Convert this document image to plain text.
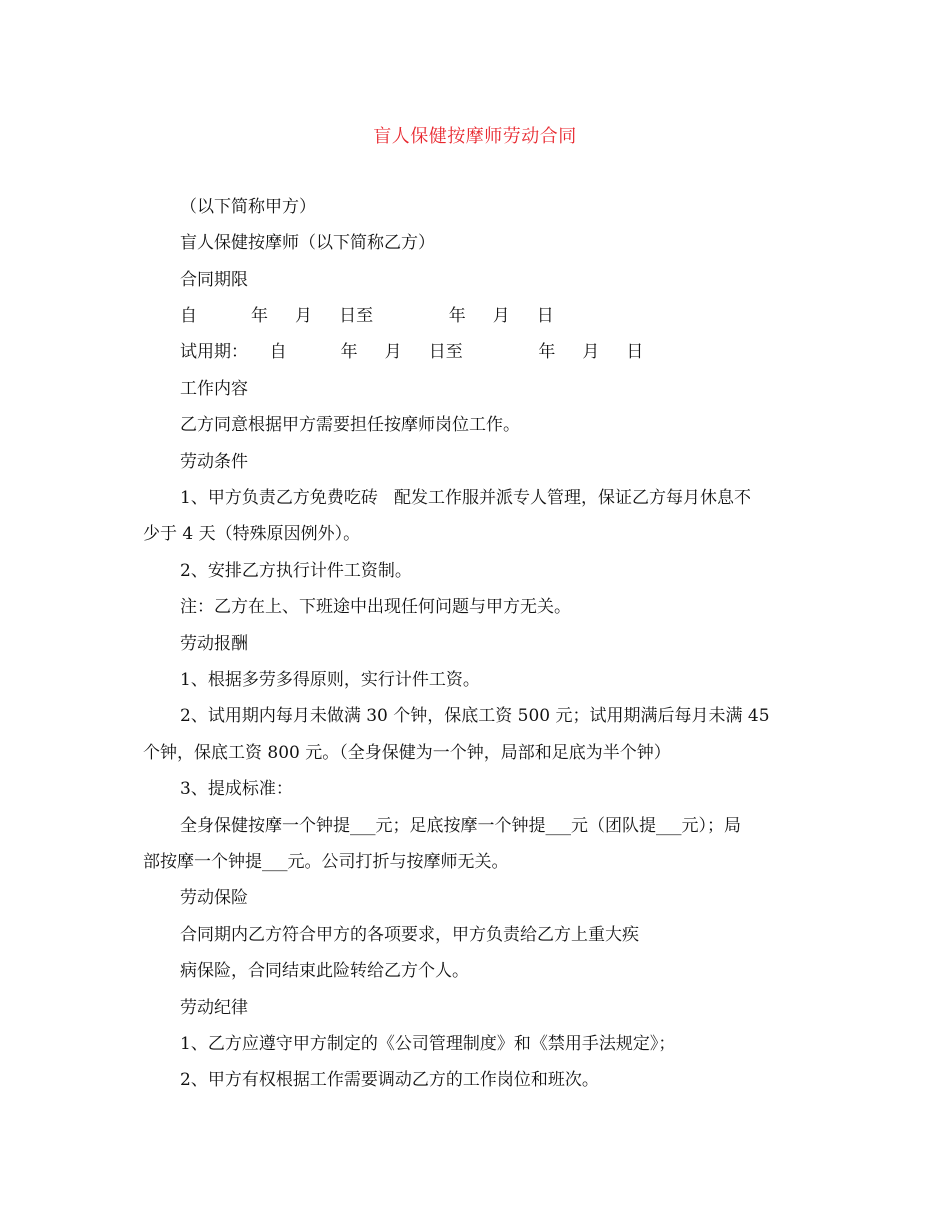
盲人保健按摩师劳动合同
（以下简称甲方）
盲人保健按摩师（以下简称乙方）
合同期限
自          年     月     日至              年     月     日
试用期：    自          年     月     日至              年     月     日
工作内容
乙方同意根据甲方需要担任按摩师岗位工作。
劳动条件
1、甲方负责乙方免费吃砖   配发工作服并派专人管理，保证乙方每月休息不
少于 4 天（特殊原因例外）。
2、安排乙方执行计件工资制。
注：乙方在上、下班途中出现任何问题与甲方无关。
劳动报酬
1、根据多劳多得原则，实行计件工资。
2、试用期内每月未做满 30 个钟，保底工资 500 元；试用期满后每月未满 45
个钟，保底工资 800 元。（全身保健为一个钟，局部和足底为半个钟）
3、提成标准：
全身保健按摩一个钟提___元；足底按摩一个钟提___元（团队提___元）；局
部按摩一个钟提___元。公司打折与按摩师无关。
劳动保险
合同期内乙方符合甲方的各项要求，甲方负责给乙方上重大疾
病保险，合同结束此险转给乙方个人。
劳动纪律
1、乙方应遵守甲方制定的《公司管理制度》和《禁用手法规定》；
2、甲方有权根据工作需要调动乙方的工作岗位和班次。
